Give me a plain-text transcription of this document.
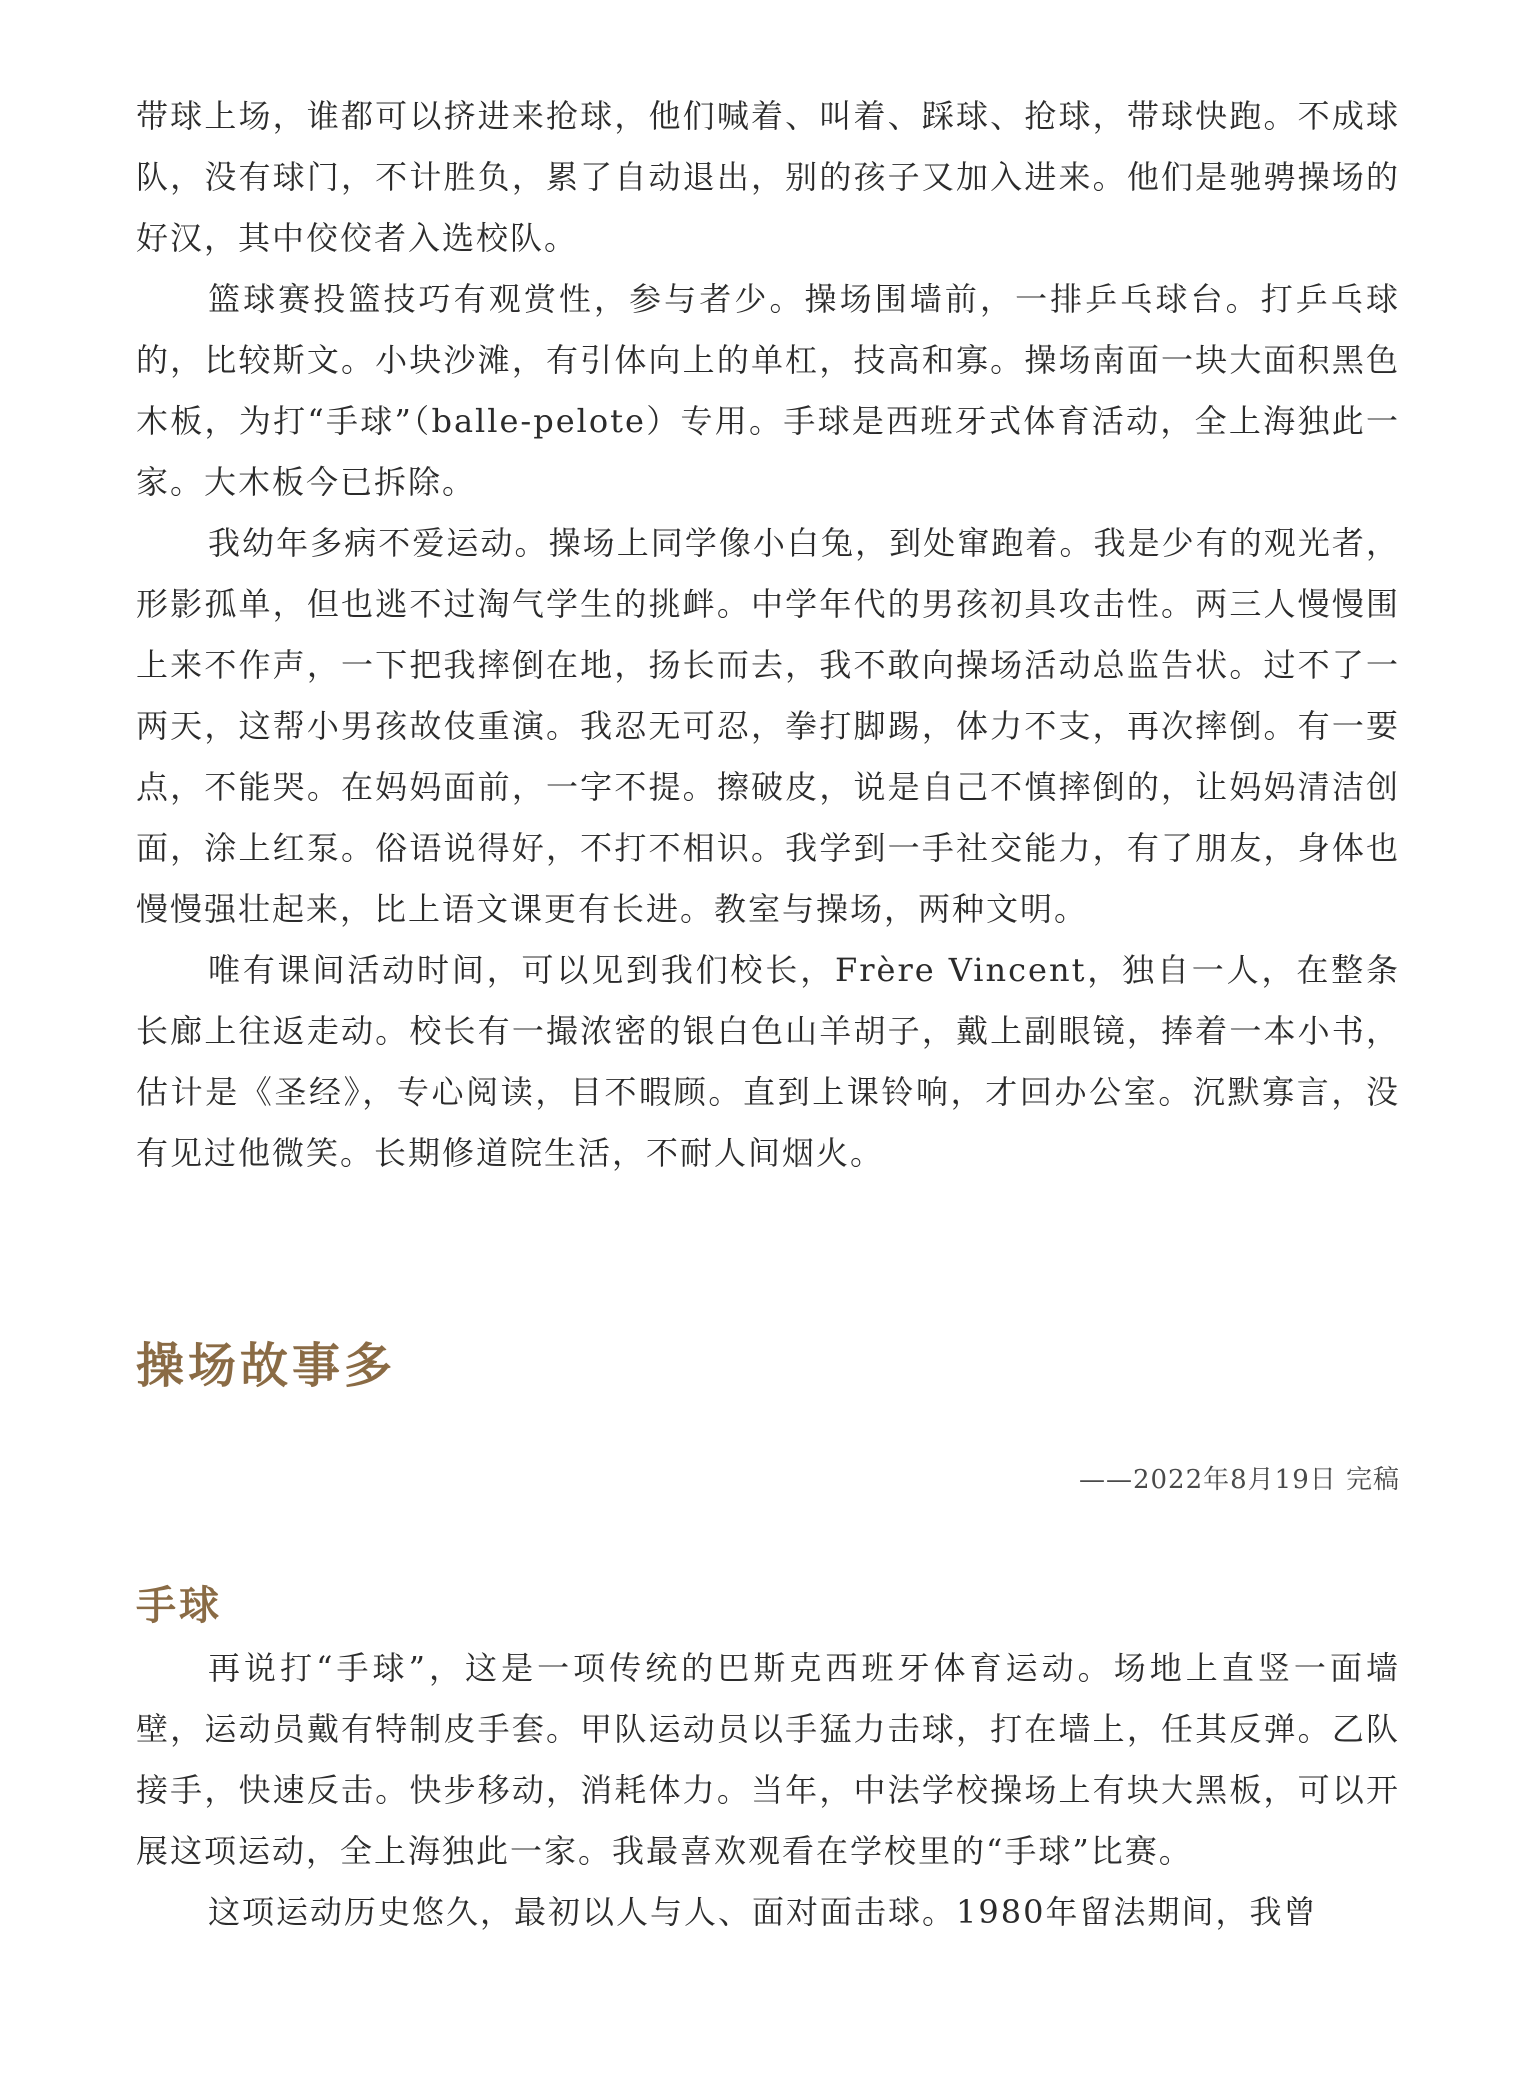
带球上场，谁都可以挤进来抢球，他们喊着、叫着、踩球、抢球，带球快跑。不成球队，没有球门，不计胜负，累了自动退出，别的孩子又加入进来。他们是驰骋操场的好汉，其中佼佼者入选校队。

篮球赛投篮技巧有观赏性，参与者少。操场围墙前，一排乒乓球台。打乒乓球的，比较斯文。小块沙滩，有引体向上的单杠，技高和寡。操场南面一块大面积黑色木板，为打“手球”（balle-pelote）专用。手球是西班牙式体育活动，全上海独此一家。大木板今已拆除。

我幼年多病不爱运动。操场上同学像小白兔，到处窜跑着。我是少有的观光者，形影孤单，但也逃不过淘气学生的挑衅。中学年代的男孩初具攻击性。两三人慢慢围上来不作声，一下把我摔倒在地，扬长而去，我不敢向操场活动总监告状。过不了一两天，这帮小男孩故伎重演。我忍无可忍，拳打脚踢，体力不支，再次摔倒。有一要点，不能哭。在妈妈面前，一字不提。擦破皮，说是自己不慎摔倒的，让妈妈清洁创面，涂上红泵。俗语说得好，不打不相识。我学到一手社交能力，有了朋友，身体也慢慢强壮起来，比上语文课更有长进。教室与操场，两种文明。

唯有课间活动时间，可以见到我们校长，Frère Vincent，独自一人，在整条长廊上往返走动。校长有一撮浓密的银白色山羊胡子，戴上副眼镜，捧着一本小书，估计是《圣经》，专心阅读，目不暇顾。直到上课铃响，才回办公室。沉默寡言，没有见过他微笑。长期修道院生活，不耐人间烟火。

操场故事多

——2022年8月19日 完稿

手球

再说打“手球”，这是一项传统的巴斯克西班牙体育运动。场地上直竖一面墙壁，运动员戴有特制皮手套。甲队运动员以手猛力击球，打在墙上，任其反弹。乙队接手，快速反击。快步移动，消耗体力。当年，中法学校操场上有块大黑板，可以开展这项运动，全上海独此一家。我最喜欢观看在学校里的“手球”比赛。

这项运动历史悠久，最初以人与人、面对面击球。1980年留法期间，我曾
